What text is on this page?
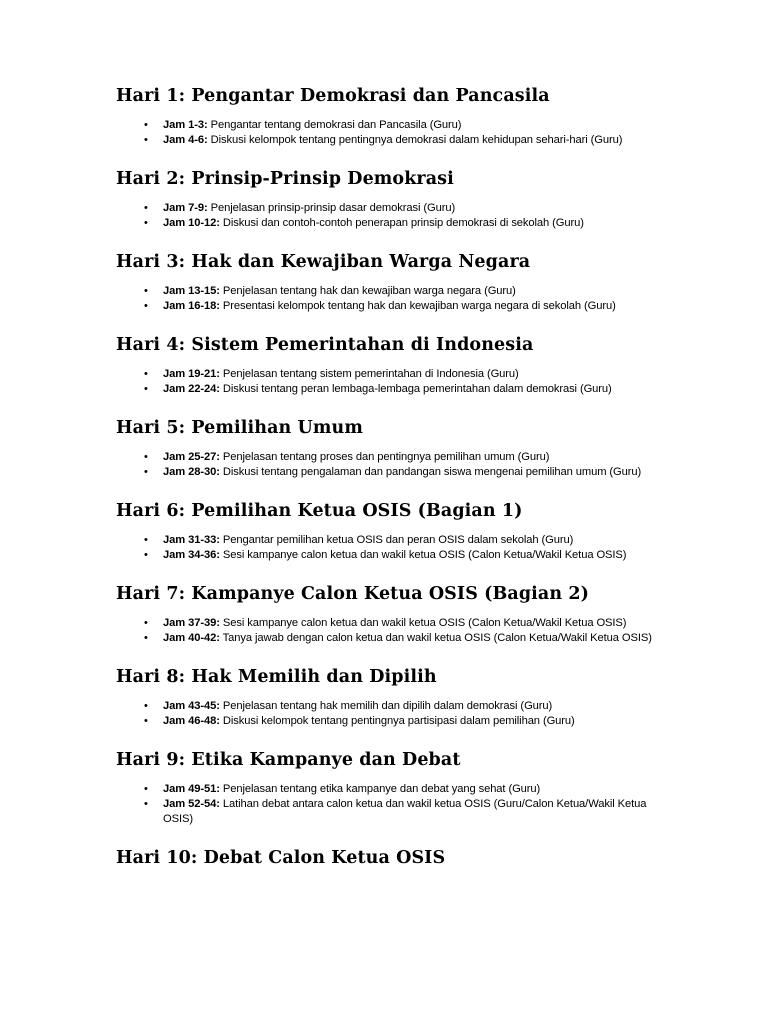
Hari 1: Pengantar Demokrasi dan Pancasila
• Jam 1-3: Pengantar tentang demokrasi dan Pancasila (Guru)
• Jam 4-6: Diskusi kelompok tentang pentingnya demokrasi dalam kehidupan sehari-hari (Guru)
Hari 2: Prinsip-Prinsip Demokrasi
• Jam 7-9: Penjelasan prinsip-prinsip dasar demokrasi (Guru)
• Jam 10-12: Diskusi dan contoh-contoh penerapan prinsip demokrasi di sekolah (Guru)
Hari 3: Hak dan Kewajiban Warga Negara
• Jam 13-15: Penjelasan tentang hak dan kewajiban warga negara (Guru)
• Jam 16-18: Presentasi kelompok tentang hak dan kewajiban warga negara di sekolah (Guru)
Hari 4: Sistem Pemerintahan di Indonesia
• Jam 19-21: Penjelasan tentang sistem pemerintahan di Indonesia (Guru)
• Jam 22-24: Diskusi tentang peran lembaga-lembaga pemerintahan dalam demokrasi (Guru)
Hari 5: Pemilihan Umum
• Jam 25-27: Penjelasan tentang proses dan pentingnya pemilihan umum (Guru)
• Jam 28-30: Diskusi tentang pengalaman dan pandangan siswa mengenai pemilihan umum (Guru)
Hari 6: Pemilihan Ketua OSIS (Bagian 1)
• Jam 31-33: Pengantar pemilihan ketua OSIS dan peran OSIS dalam sekolah (Guru)
• Jam 34-36: Sesi kampanye calon ketua dan wakil ketua OSIS (Calon Ketua/Wakil Ketua OSIS)
Hari 7: Kampanye Calon Ketua OSIS (Bagian 2)
• Jam 37-39: Sesi kampanye calon ketua dan wakil ketua OSIS (Calon Ketua/Wakil Ketua OSIS)
• Jam 40-42: Tanya jawab dengan calon ketua dan wakil ketua OSIS (Calon Ketua/Wakil Ketua OSIS)
Hari 8: Hak Memilih dan Dipilih
• Jam 43-45: Penjelasan tentang hak memilih dan dipilih dalam demokrasi (Guru)
• Jam 46-48: Diskusi kelompok tentang pentingnya partisipasi dalam pemilihan (Guru)
Hari 9: Etika Kampanye dan Debat
• Jam 49-51: Penjelasan tentang etika kampanye dan debat yang sehat (Guru)
• Jam 52-54: Latihan debat antara calon ketua dan wakil ketua OSIS (Guru/Calon Ketua/Wakil Ketua OSIS)
Hari 10: Debat Calon Ketua OSIS
